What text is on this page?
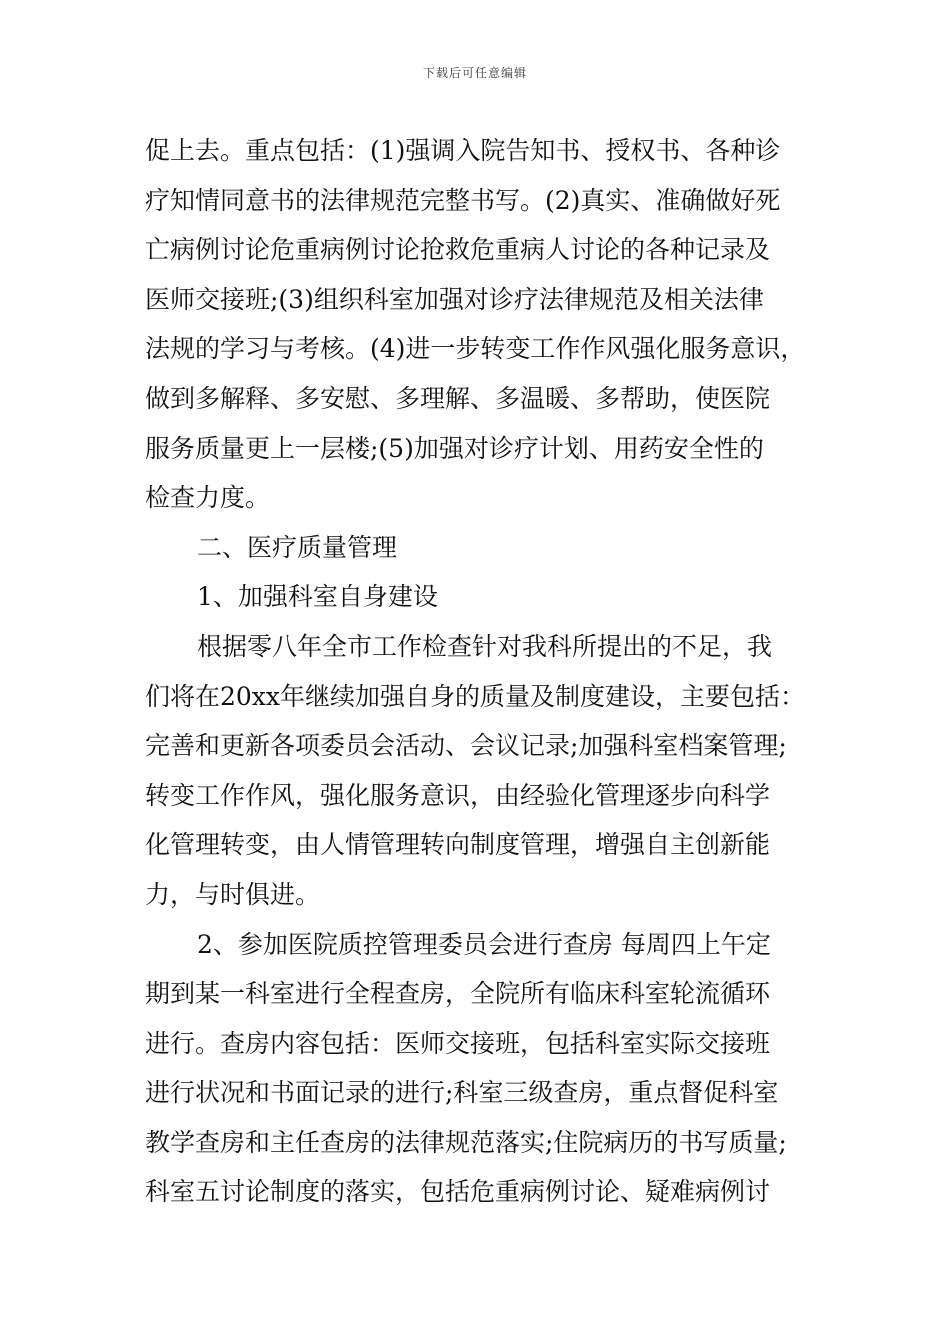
下载后可任意编辑
促上去。重点包括：(1)强调入院告知书、授权书、各种诊
疗知情同意书的法律规范完整书写。(2)真实、准确做好死
亡病例讨论危重病例讨论抢救危重病人讨论的各种记录及
医师交接班;(3)组织科室加强对诊疗法律规范及相关法律
法规的学习与考核。(4)进一步转变工作作风强化服务意识，
做到多解释、多安慰、多理解、多温暖、多帮助，使医院
服务质量更上一层楼;(5)加强对诊疗计划、用药安全性的
检查力度。
二、医疗质量管理
1、加强科室自身建设
根据零八年全市工作检查针对我科所提出的不足，我
们将在20xx年继续加强自身的质量及制度建设，主要包括：
完善和更新各项委员会活动、会议记录;加强科室档案管理;
转变工作作风，强化服务意识，由经验化管理逐步向科学
化管理转变，由人情管理转向制度管理，增强自主创新能
力，与时俱进。
2、参加医院质控管理委员会进行查房 每周四上午定
期到某一科室进行全程查房，全院所有临床科室轮流循环
进行。查房内容包括：医师交接班，包括科室实际交接班
进行状况和书面记录的进行;科室三级查房，重点督促科室
教学查房和主任查房的法律规范落实;住院病历的书写质量;
科室五讨论制度的落实，包括危重病例讨论、疑难病例讨
